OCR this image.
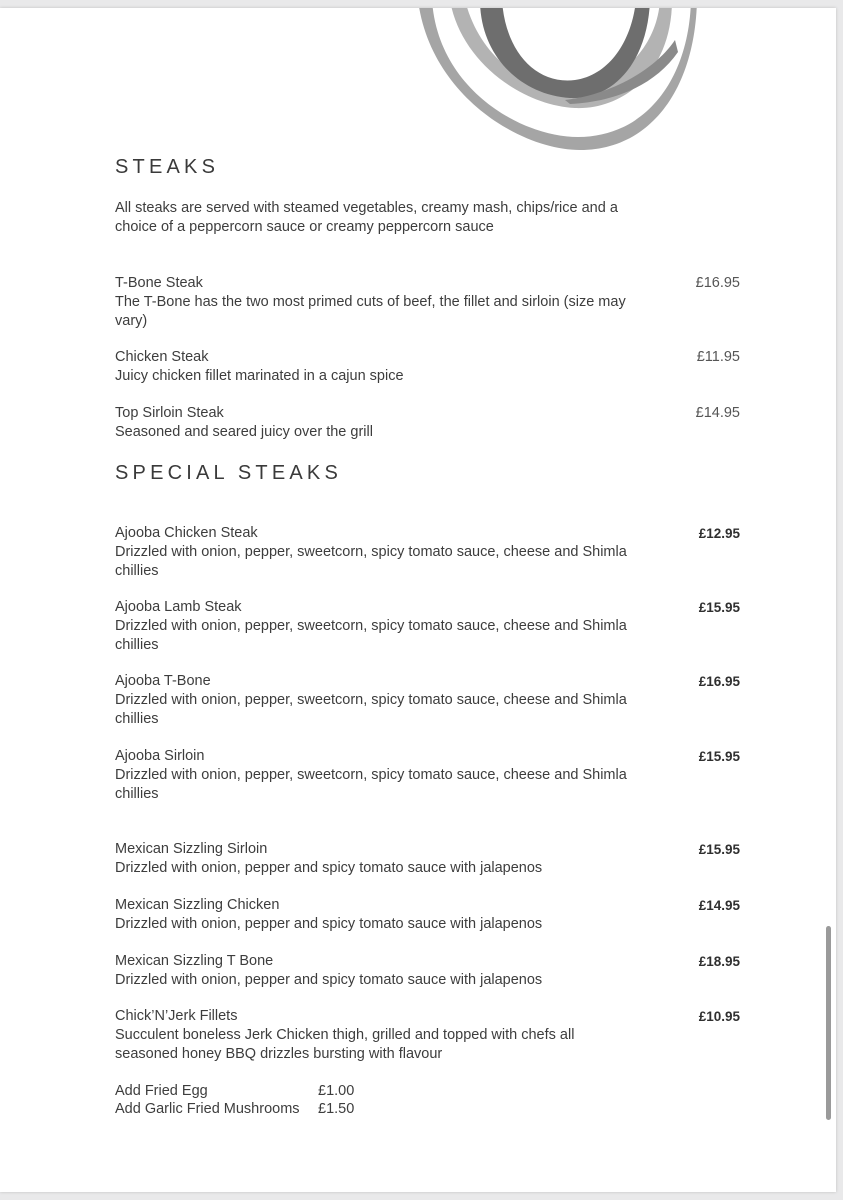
STEAKS

All steaks are served with steamed vegetables, creamy mash, chips/rice and a choice of a peppercorn sauce or creamy peppercorn sauce

T-Bone Steak
The T-Bone has the two most primed cuts of beef, the fillet and sirloin (size may vary)
£16.95
Chicken Steak
Juicy chicken fillet marinated in a cajun spice
£11.95
Top Sirloin Steak
Seasoned and seared juicy over the grill
£14.95
SPECIAL STEAKS
Ajooba Chicken Steak
Drizzled with onion, pepper, sweetcorn, spicy tomato sauce, cheese and Shimla chillies
£12.95
Ajooba Lamb Steak
Drizzled with onion, pepper, sweetcorn, spicy tomato sauce, cheese and Shimla chillies
£15.95
Ajooba T-Bone
Drizzled with onion, pepper, sweetcorn, spicy tomato sauce, cheese and Shimla chillies
£16.95
Ajooba Sirloin
Drizzled with onion, pepper, sweetcorn, spicy tomato sauce, cheese and Shimla chillies
£15.95
Mexican Sizzling Sirloin
Drizzled with onion, pepper and spicy tomato sauce with jalapenos
£15.95
Mexican Sizzling Chicken
Drizzled with onion, pepper and spicy tomato sauce with jalapenos
£14.95
Mexican Sizzling T Bone
Drizzled with onion, pepper and spicy tomato sauce with jalapenos
£18.95
Chick’N’Jerk Fillets
Succulent boneless Jerk Chicken thigh, grilled and topped with chefs all seasoned honey BBQ drizzles bursting with flavour
£10.95
Add Fried Egg	£1.00
Add Garlic Fried Mushrooms	£1.50
